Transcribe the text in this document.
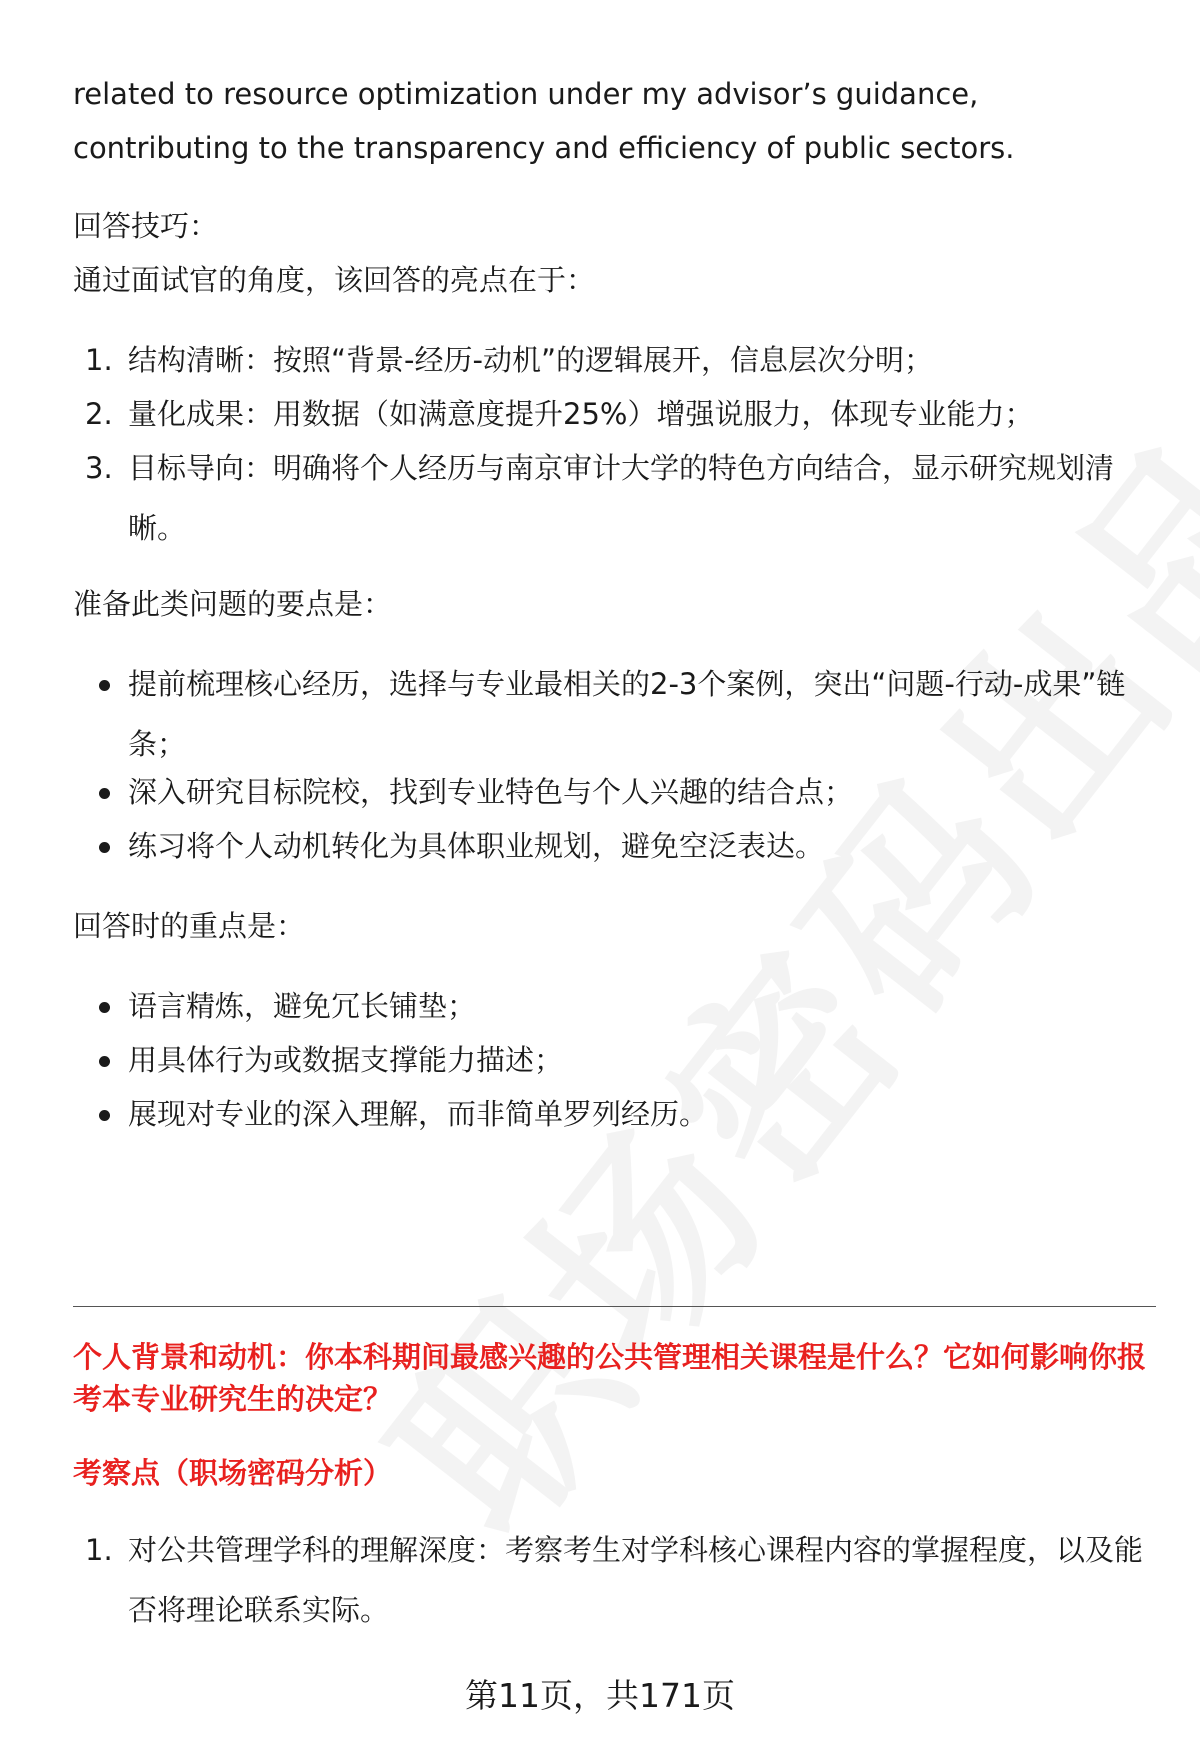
related to resource optimization under my advisor’s guidance,
contributing to the transparency and efficiency of public sectors.
回答技巧：
通过面试官的角度，该回答的亮点在于：
1. 结构清晰：按照“背景-经历-动机”的逻辑展开，信息层次分明；
2. 量化成果：用数据（如满意度提升25%）增强说服力，体现专业能力；
3. 目标导向：明确将个人经历与南京审计大学的特色方向结合，显示研究规划清晰。
准备此类问题的要点是：
提前梳理核心经历，选择与专业最相关的2-3个案例，突出“问题-行动-成果”链条；
深入研究目标院校，找到专业特色与个人兴趣的结合点；
练习将个人动机转化为具体职业规划，避免空泛表达。
回答时的重点是：
语言精炼，避免冗长铺垫；
用具体行为或数据支撑能力描述；
展现对专业的深入理解，而非简单罗列经历。
个人背景和动机：你本科期间最感兴趣的公共管理相关课程是什么？它如何影响你报考本专业研究生的决定？
考察点（职场密码分析）
1. 对公共管理学科的理解深度：考察考生对学科核心课程内容的掌握程度，以及能否将理论联系实际。
第11页，共171页
